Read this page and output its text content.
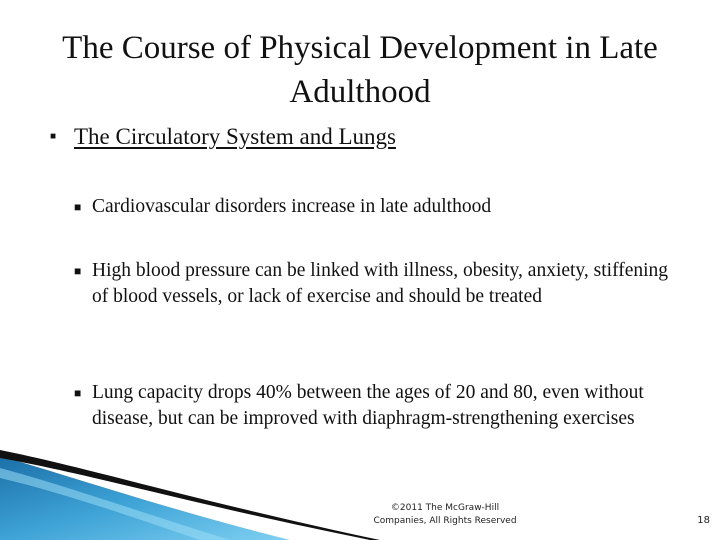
The Course of Physical Development in Late Adulthood
■ The Circulatory System and Lungs
■ Cardiovascular disorders increase in late adulthood
■ High blood pressure can be linked with illness, obesity, anxiety, stiffening of blood vessels, or lack of exercise and should be treated
■ Lung capacity drops 40% between the ages of 20 and 80, even without disease, but can be improved with diaphragm-strengthening exercises
©2011 The McGraw-Hill
Companies, All Rights Reserved	18
